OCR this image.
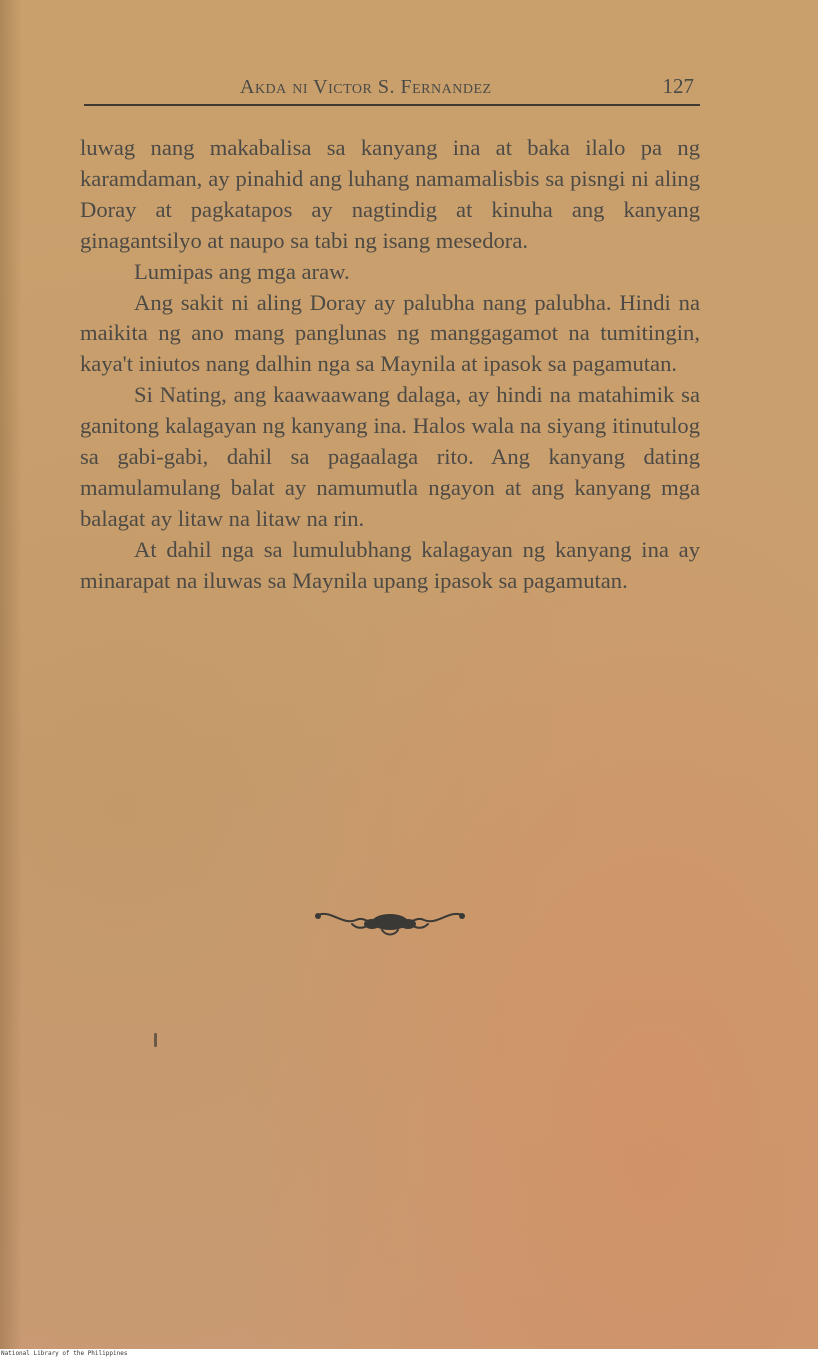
Akda ni Victor S. Fernandez	127

luwag nang makabalisa sa kanyang ina at baka ilalo pa ng karamdaman, ay pinahid ang luhang namamalisbis sa pisngi ni aling Doray at pagkatapos ay nagtindig at kinuha ang kanyang ginagantsilyo at naupo sa tabi ng isang mesedora.

Lumipas ang mga araw.

Ang sakit ni aling Doray ay palubha nang palubha. Hindi na maikita ng ano mang panglunas ng manggagamot na tumitingin, kaya't iniutos nang dalhin nga sa Maynila at ipasok sa pagamutan.

Si Nating, ang kaawaawang dalaga, ay hindi na matahimik sa ganitong kalagayan ng kanyang ina. Halos wala na siyang itinutulog sa gabi-gabi, dahil sa pagaalaga rito. Ang kanyang dating mamulamulang balat ay namumutla ngayon at ang kanyang mga balagat ay litaw na litaw na rin.

At dahil nga sa lumulubhang kalagayan ng kanyang ina ay minarapat na iluwas sa Maynila upang ipasok sa pagamutan.

National Library of the Philippines
